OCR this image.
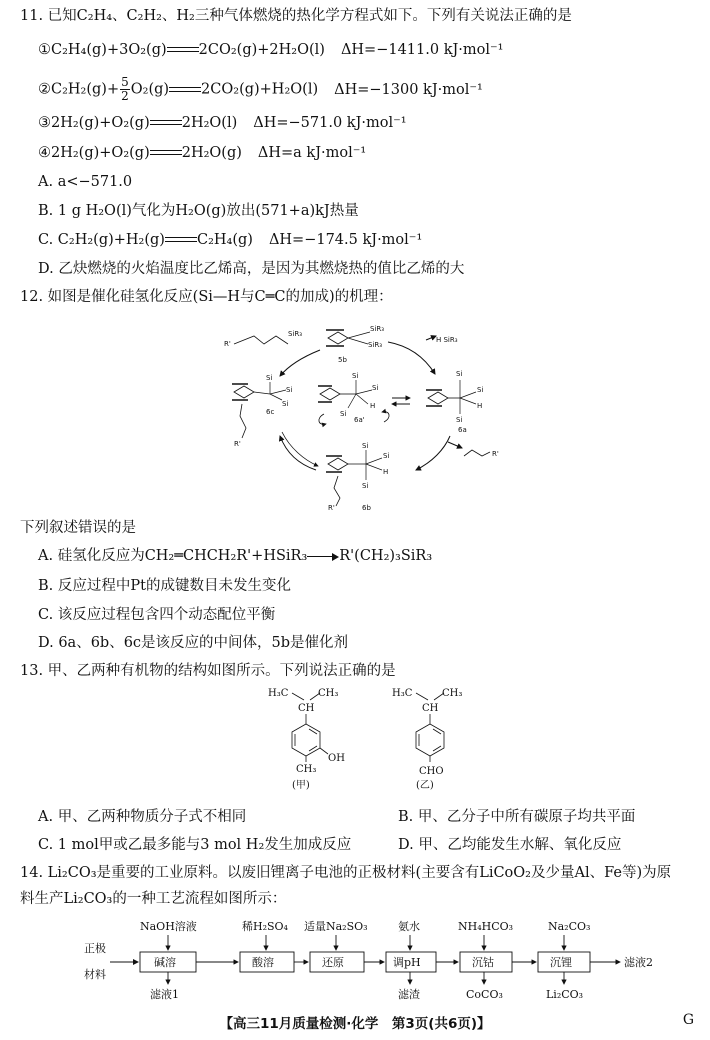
11. 已知C₂H₄、C₂H₂、H₂三种气体燃烧的热化学方程式如下。下列有关说法正确的是
①C₂H₄(g)+3O₂(g) 2CO₂(g)+2H₂O(l) ΔH=−1411.0 kJ·mol⁻¹
②C₂H₂(g)+ $\frac{5}{2} O_2(g)$ 2CO₂(g)+H₂O(l) ΔH=−1300 kJ·mol⁻¹
③2H₂(g)+O₂(g) 2H₂O(l) ΔH=−571.0 kJ·mol⁻¹
④2H₂(g)+O₂(g) 2H₂O(g) ΔH=a kJ·mol⁻¹
A. a<−571.0
B. 1 g H₂O(l)气化为H₂O(g)放出(571+a)kJ热量
C. C₂H₂(g)+H₂(g) C₂H₄(g) ΔH=−174.5 kJ·mol⁻¹
D. 乙炔燃烧的火焰温度比乙烯高，是因为其燃烧热的值比乙烯的大
12. 如图是催化硅氢化反应(Si—H与C═C的加成)的机理：
R'
SiR₃
SiR₃
SiR₃
5b
H SiR₃
Si
Si
Si
6c
R'
Si
Si
Si
H
6a'
Si
Si
H
Si
6a
R'
Si
Si
H
Si
6b
R'
下列叙述错误的是
A. 硅氢化反应为CH₂═CHCH₂R'+HSiR₃ R'(CH₂)₃SiR₃
B. 反应过程中Pt的成键数目未发生变化
C. 该反应过程包含四个动态配位平衡
D. 6a、6b、6c是该反应的中间体，5b是催化剂
13. 甲、乙两种有机物的结构如图所示。下列说法正确的是
H₃C	CH₃
CH
OH
CH₃
(甲)
H₃C	CH₃
CH
CHO
(乙)
A. 甲、乙两种物质分子式不相同	B. 甲、乙分子中所有碳原子均共平面
C. 1 mol甲或乙最多能与3 mol H₂发生加成反应	D. 甲、乙均能发生水解、氧化反应
14. Li₂CO₃是重要的工业原料。以废旧锂离子电池的正极材料(主要含有LiCoO₂及少量Al、Fe等)为原
料生产Li₂CO₃的一种工艺流程如图所示：
正极
材料
NaOH溶液	稀H₂SO₄ 适量Na₂SO₃	氨水	NH₄HCO₃	Na₂CO₃
碱溶	酸溶	还原	调pH	沉钴	沉锂	滤液2
滤液1	滤渣	CoCO₃	Li₂CO₃
【高三11月质量检测·化学　第3页(共6页)】	G
